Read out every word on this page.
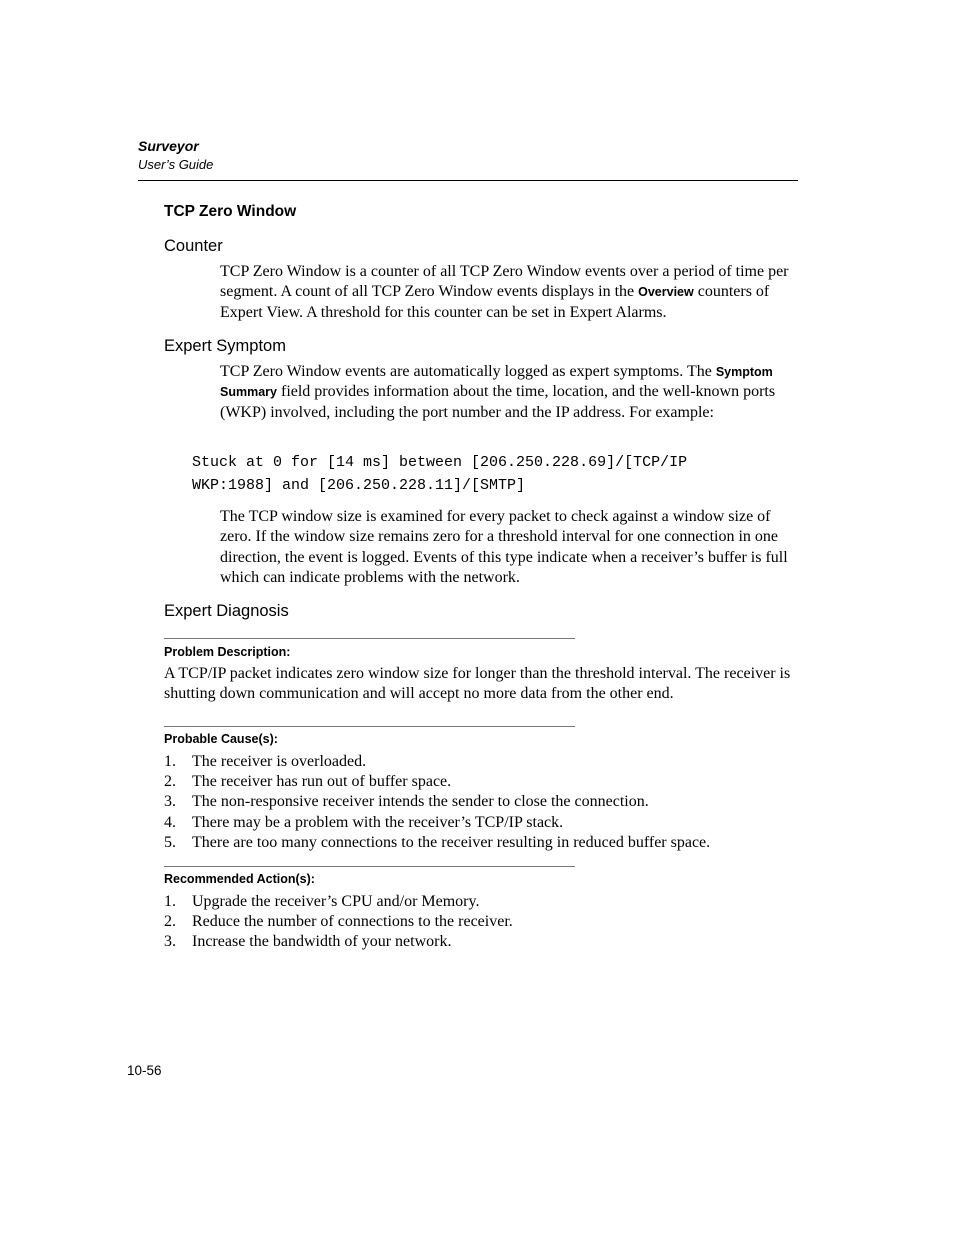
Surveyor
User’s Guide
TCP Zero Window
Counter
TCP Zero Window is a counter of all TCP Zero Window events over a period of time per segment. A count of all TCP Zero Window events displays in the Overview counters of Expert View. A threshold for this counter can be set in Expert Alarms.
Expert Symptom
TCP Zero Window events are automatically logged as expert symptoms. The Symptom Summary field provides information about the time, location, and the well-known ports (WKP) involved, including the port number and the IP address. For example:
Stuck at 0 for [14 ms] between [206.250.228.69]/[TCP/IP
WKP:1988] and [206.250.228.11]/[SMTP]
The TCP window size is examined for every packet to check against a window size of zero. If the window size remains zero for a threshold interval for one connection in one direction, the event is logged. Events of this type indicate when a receiver’s buffer is full which can indicate problems with the network.
Expert Diagnosis
Problem Description:
A TCP/IP packet indicates zero window size for longer than the threshold interval. The receiver is shutting down communication and will accept no more data from the other end.
Probable Cause(s):
1. The receiver is overloaded.
2. The receiver has run out of buffer space.
3. The non-responsive receiver intends the sender to close the connection.
4. There may be a problem with the receiver’s TCP/IP stack.
5. There are too many connections to the receiver resulting in reduced buffer space.
Recommended Action(s):
1. Upgrade the receiver’s CPU and/or Memory.
2. Reduce the number of connections to the receiver.
3. Increase the bandwidth of your network.
10-56
